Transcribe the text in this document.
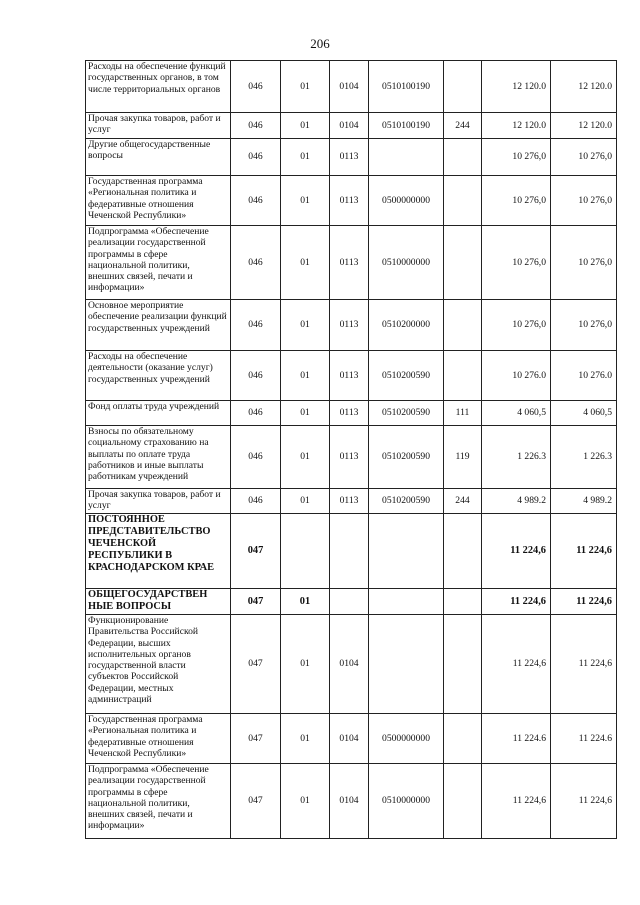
206
Расходы на обеспечение функций государственных органов, в том числе территориальных органов	046	01	0104	0510100190		12 120.0	12 120.0
Прочая закупка товаров, работ и услуг	046	01	0104	0510100190	244	12 120.0	12 120.0
Другие общегосударственные вопросы	046	01	0113			10 276,0	10 276,0
Государственная программа «Региональная политика и федеративные отношения Чеченской Республики»	046	01	0113	0500000000		10 276,0	10 276,0
Подпрограмма «Обеспечение реализации государственной программы в сфере национальной политики, внешних связей, печати и информации»	046	01	0113	0510000000		10 276,0	10 276,0
Основное мероприятие обеспечение реализации функций государственных учреждений	046	01	0113	0510200000		10 276,0	10 276,0
Расходы на обеспечение деятельности (оказание услуг) государственных учреждений	046	01	0113	0510200590		10 276.0	10 276.0
Фонд оплаты труда учреждений	046	01	0113	0510200590	111	4 060,5	4 060,5
Взносы по обязательному социальному страхованию на выплаты по оплате труда работников и иные выплаты работникам учреждений	046	01	0113	0510200590	119	1 226.3	1 226.3
Прочая закупка товаров, работ и услуг	046	01	0113	0510200590	244	4 989.2	4 989.2
ПОСТОЯННОЕ ПРЕДСТАВИТЕЛЬСТВО ЧЕЧЕНСКОЙ РЕСПУБЛИКИ В КРАСНОДАРСКОМ КРАЕ	047					11 224,6	11 224,6
ОБЩЕГОСУДАРСТВЕН НЫЕ ВОПРОСЫ	047	01				11 224,6	11 224,6
Функционирование Правительства Российской Федерации, высших исполнительных органов государственной власти субъектов Российской Федерации, местных администраций	047	01	0104			11 224,6	11 224,6
Государственная программа «Региональная политика и федеративные отношения Чеченской Республики»	047	01	0104	0500000000		11 224.6	11 224.6
Подпрограмма «Обеспечение реализации государственной программы в сфере национальной политики, внешних связей, печати и информации»	047	01	0104	0510000000		11 224,6	11 224,6
